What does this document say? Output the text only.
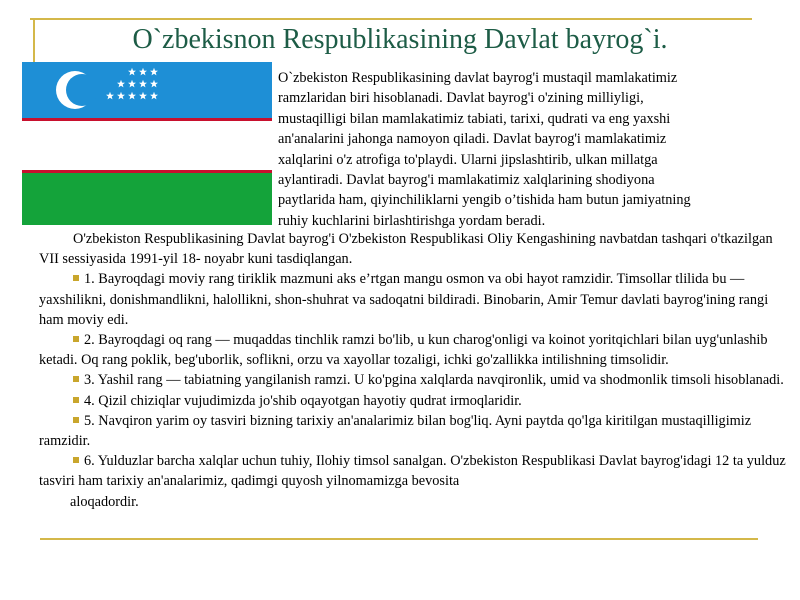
O`zbekisnon Respublikasining Davlat bayrog`i.
O`zbekiston Respublikasining davlat bayrog'i mustaqil mamlakatimiz
ramzlaridan biri hisoblanadi. Davlat bayrog'i o'zining milliyligi,
mustaqilligi bilan mamlakatimiz tabiati, tarixi, qudrati va eng yaxshi
an'analarini jahonga namoyon qiladi. Davlat bayrog'i mamlakatimiz
xalqlarini o'z atrofiga to'playdi. Ularni jipslashtirib, ulkan millatga
aylantiradi. Davlat bayrog'i mamlakatimiz xalqlarining shodiyona
paytlarida ham, qiyinchiliklarni yengib o’tishida ham butun jamiyatning
ruhiy kuchlarini birlashtirishga yordam beradi.

O'zbekiston Respublikasining Davlat bayrog'i O'zbekiston Respublikasi Oliy Kengashining navbatdan tashqari o'tkazilgan VII sessiyasida 1991-yil 18- noyabr kuni tasdiqlangan.

1. Bayroqdagi moviy rang tiriklik mazmuni aks e’rtgan mangu osmon va obi hayot ramzidir. Timsollar tlilida bu — yaxshilikni, donishmandlikni, halollikni, shon-shuhrat va sadoqatni bildiradi. Binobarin, Amir Temur davlati bayrog'ining rangi ham moviy edi.

2. Bayroqdagi oq rang — muqaddas tinchlik ramzi bo'lib, u kun charog'onligi va koinot yoritqichlari bilan uyg'unlashib ketadi. Oq rang poklik, beg'uborlik, soflikni, orzu va xayollar tozaligi, ichki go'zallikka intilishning timsolidir.

3. Yashil rang — tabiatning yangilanish ramzi. U ko'pgina xalqlarda navqironlik, umid va shodmonlik timsoli hisoblanadi.

4. Qizil chiziqlar vujudimizda jo'shib oqayotgan hayotiy qudrat irmoqlaridir.

5. Navqiron yarim oy tasviri bizning tarixiy an'analarimiz bilan bog'liq. Ayni paytda qo'lga kiritilgan mustaqilligimiz ramzidir.

6. Yulduzlar barcha xalqlar uchun tuhiy, Ilohiy timsol sanalgan. O'zbekiston Respublikasi Davlat bayrog'idagi 12 ta yulduz tasviri ham tarixiy an'analarimiz, qadimgi quyosh yilnomamizga bevosita

aloqadordir.
